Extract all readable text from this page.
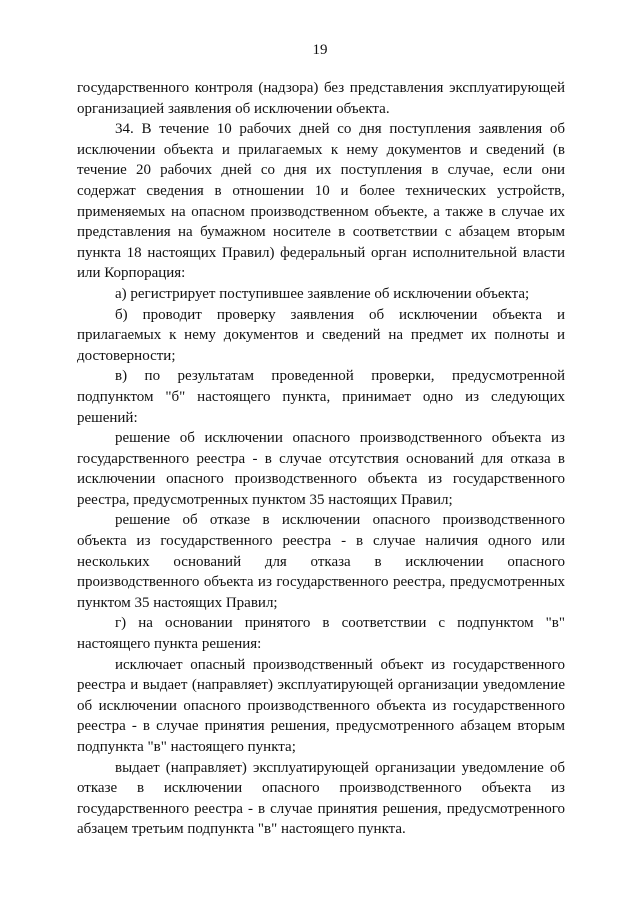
19

государственного контроля (надзора) без представления эксплуатирующей организацией заявления об исключении объекта.

34. В течение 10 рабочих дней со дня поступления заявления об исключении объекта и прилагаемых к нему документов и сведений (в течение 20 рабочих дней со дня их поступления в случае, если они содержат сведения в отношении 10 и более технических устройств, применяемых на опасном производственном объекте, а также в случае их представления на бумажном носителе в соответствии с абзацем вторым пункта 18 настоящих Правил) федеральный орган исполнительной власти или Корпорация:

а) регистрирует поступившее заявление об исключении объекта;

б) проводит проверку заявления об исключении объекта и прилагаемых к нему документов и сведений на предмет их полноты и достоверности;

в) по результатам проведенной проверки, предусмотренной подпунктом "б" настоящего пункта, принимает одно из следующих решений:

решение об исключении опасного производственного объекта из государственного реестра - в случае отсутствия оснований для отказа в исключении опасного производственного объекта из государственного реестра, предусмотренных пунктом 35 настоящих Правил;

решение об отказе в исключении опасного производственного объекта из государственного реестра - в случае наличия одного или нескольких оснований для отказа в исключении опасного производственного объекта из государственного реестра, предусмотренных пунктом 35 настоящих Правил;

г) на основании принятого в соответствии с подпунктом "в" настоящего пункта решения:

исключает опасный производственный объект из государственного реестра и выдает (направляет) эксплуатирующей организации уведомление об исключении опасного производственного объекта из государственного реестра - в случае принятия решения, предусмотренного абзацем вторым подпункта "в" настоящего пункта;

выдает (направляет) эксплуатирующей организации уведомление об отказе в исключении опасного производственного объекта из государственного реестра - в случае принятия решения, предусмотренного абзацем третьим подпункта "в" настоящего пункта.
